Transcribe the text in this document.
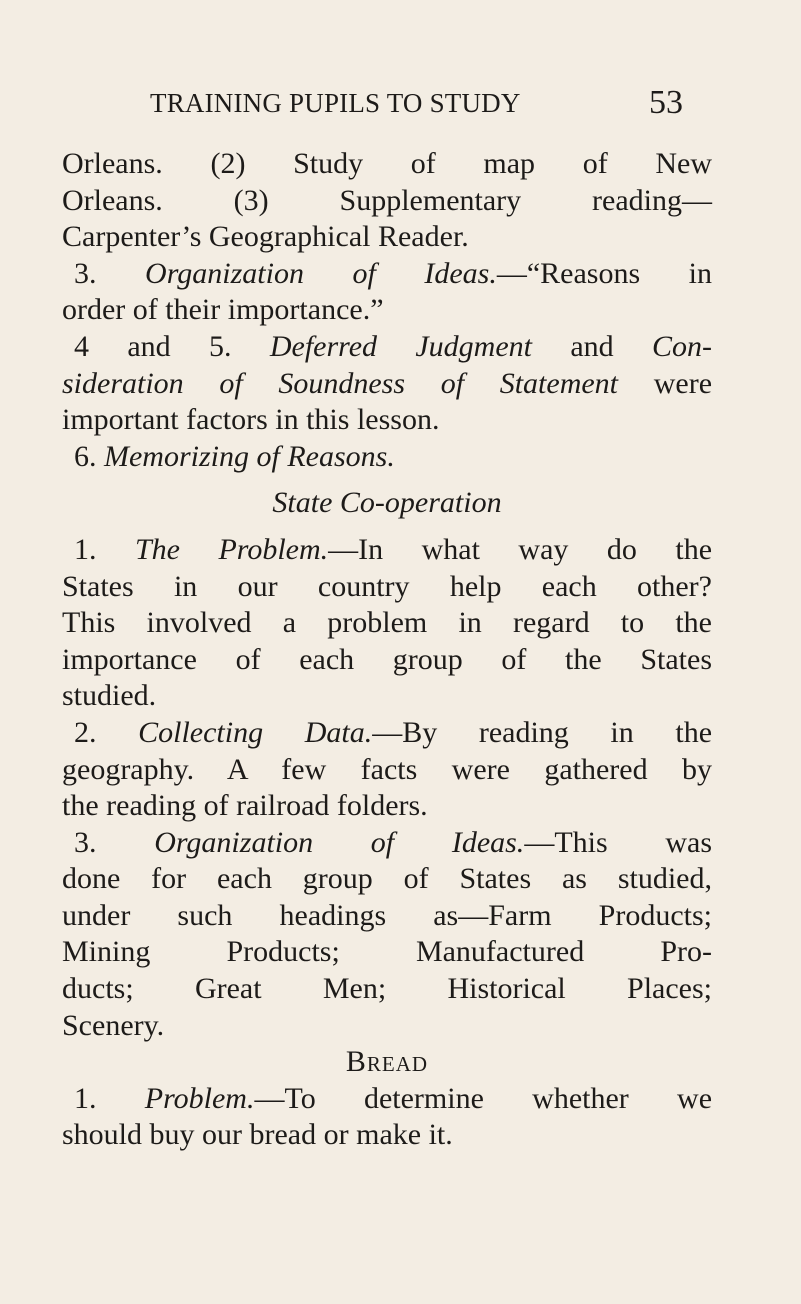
TRAINING PUPILS TO STUDY	53
Orleans. (2) Study of map of New
Orleans. (3) Supplementary reading—
Carpenter’s Geographical Reader.
3. Organization of Ideas.—“Reasons in
order of their importance.”
4 and 5. Deferred Judgment and Con-
sideration of Soundness of Statement were
important factors in this lesson.
6. Memorizing of Reasons.
State Co-operation
1. The Problem.—In what way do the
States in our country help each other?
This involved a problem in regard to the
importance of each group of the States
studied.
2. Collecting Data.—By reading in the
geography. A few facts were gathered by
the reading of railroad folders.
3. Organization of Ideas.—This was
done for each group of States as studied,
under such headings as—Farm Products;
Mining Products; Manufactured Pro-
ducts; Great Men; Historical Places;
Scenery.
Bread
1. Problem.—To determine whether we
should buy our bread or make it.
